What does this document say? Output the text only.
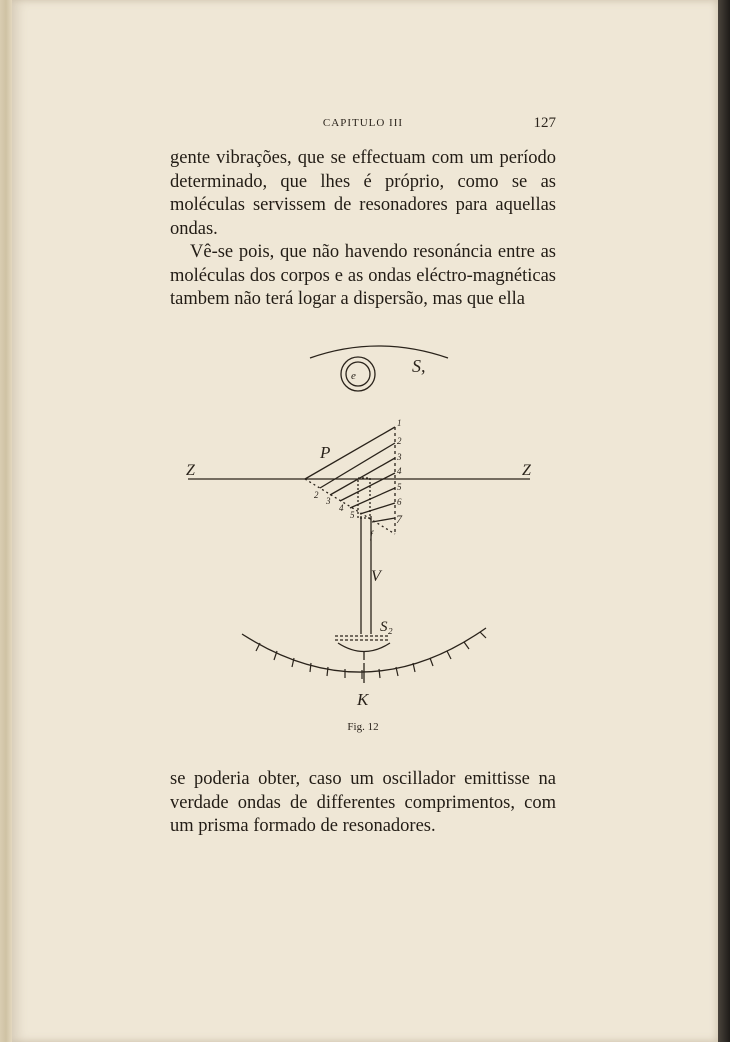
CAPITULO III	127

gente vibrações, que se effectuam com um período determinado, que lhes é próprio, como se as moléculas servissem de resonadores para aquellas ondas.

Vê-se pois, que não havendo resonáncia entre as moléculas dos corpos e as ondas eléctro-magnéticas tambem não terá logar a dispersão, mas que ella

e	S,
P
Z	Z
V
S₂
K
f
1
2
3
4
5
6
7
2
3
4
5
Fig. 12

se poderia obter, caso um oscillador emittisse na verdade ondas de differentes comprimentos, com um prisma formado de resonadores.
